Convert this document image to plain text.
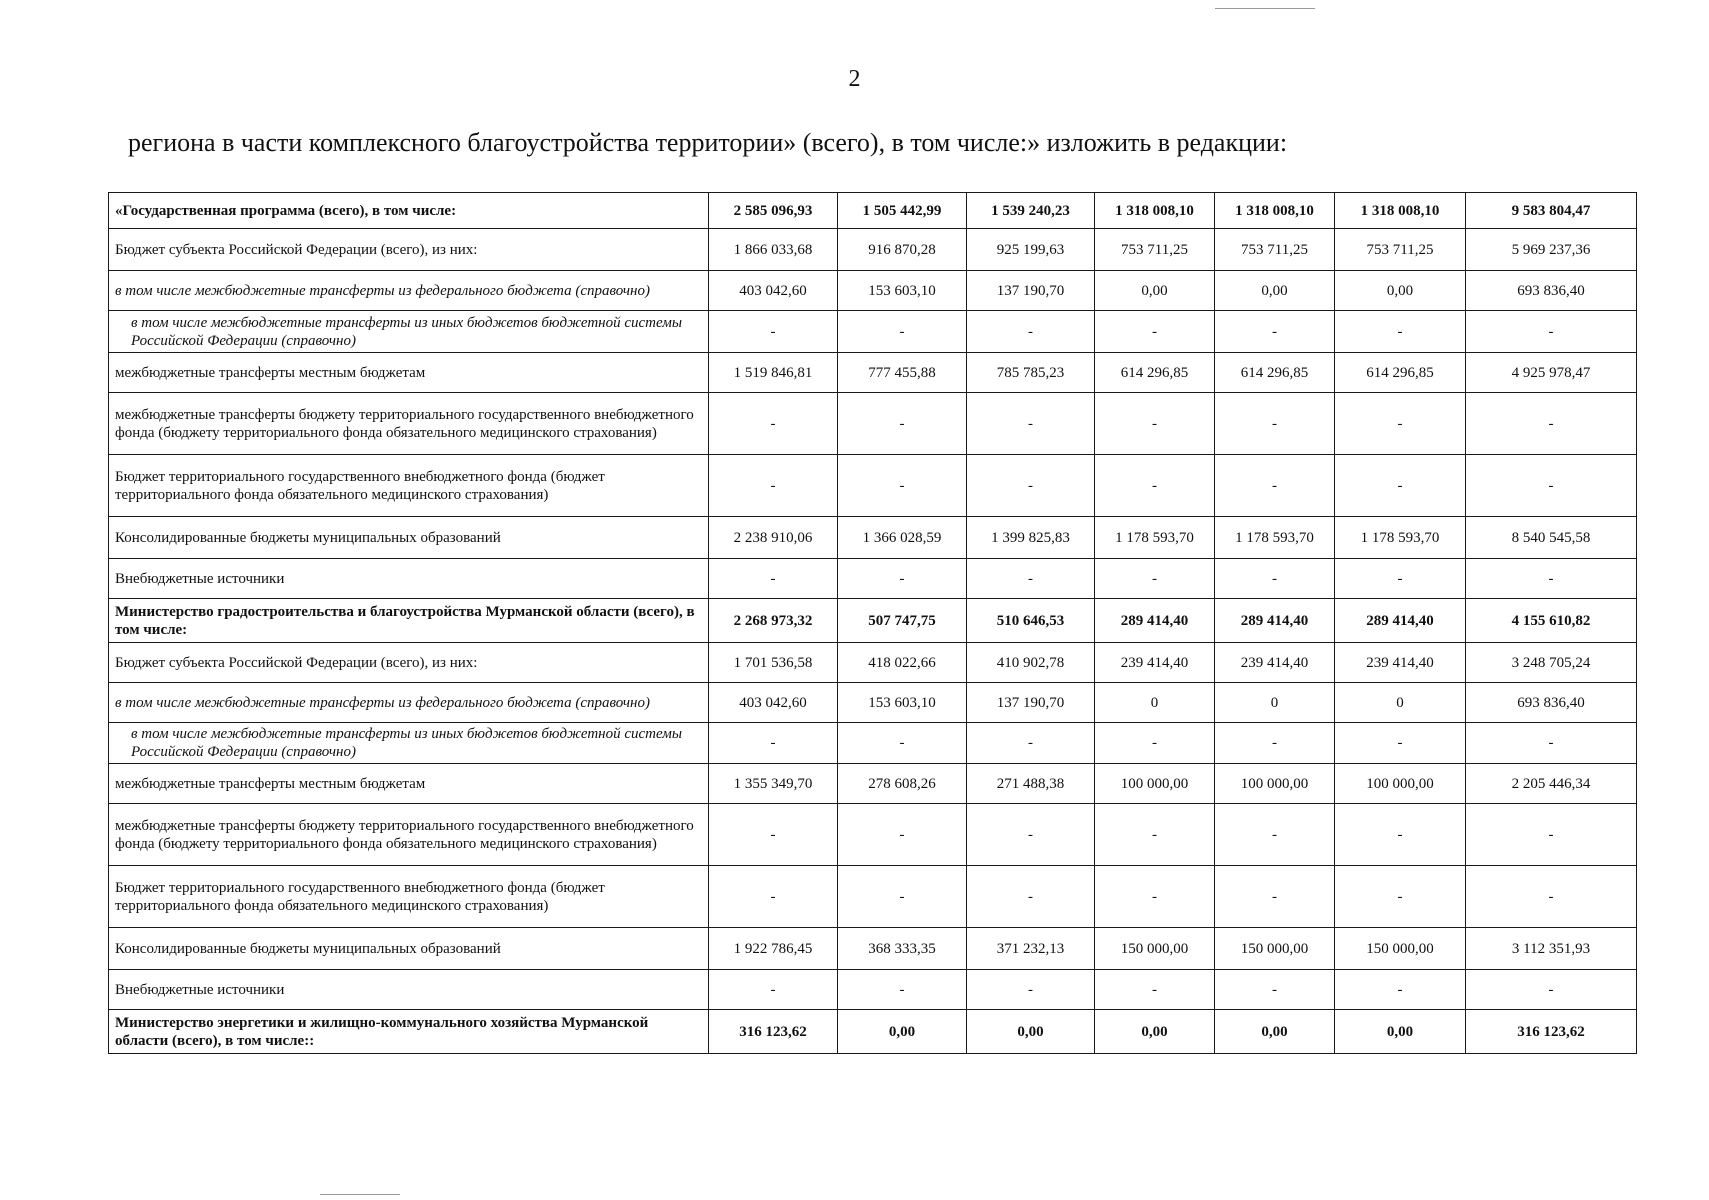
2
региона в части комплексного благоустройства территории» (всего), в том числе:» изложить в редакции:
«Государственная программа (всего), в том числе:	2 585 096,93	1 505 442,99	1 539 240,23	1 318 008,10	1 318 008,10	1 318 008,10	9 583 804,47
Бюджет субъекта Российской Федерации (всего), из них:	1 866 033,68	916 870,28	925 199,63	753 711,25	753 711,25	753 711,25	5 969 237,36
в том числе межбюджетные трансферты из федерального бюджета (справочно)	403 042,60	153 603,10	137 190,70	0,00	0,00	0,00	693 836,40
в том числе межбюджетные трансферты из иных бюджетов бюджетной системы Российской Федерации (справочно)	-	-	-	-	-	-	-
межбюджетные трансферты местным бюджетам	1 519 846,81	777 455,88	785 785,23	614 296,85	614 296,85	614 296,85	4 925 978,47
межбюджетные трансферты бюджету территориального государственного внебюджетного фонда (бюджету территориального фонда обязательного медицинского страхования)	-	-	-	-	-	-	-
Бюджет территориального государственного внебюджетного фонда (бюджет территориального фонда обязательного медицинского страхования)	-	-	-	-	-	-	-
Консолидированные бюджеты муниципальных образований	2 238 910,06	1 366 028,59	1 399 825,83	1 178 593,70	1 178 593,70	1 178 593,70	8 540 545,58
Внебюджетные источники	-	-	-	-	-	-	-
Министерство градостроительства и благоустройства Мурманской области (всего), в том числе:	2 268 973,32	507 747,75	510 646,53	289 414,40	289 414,40	289 414,40	4 155 610,82
Бюджет субъекта Российской Федерации (всего), из них:	1 701 536,58	418 022,66	410 902,78	239 414,40	239 414,40	239 414,40	3 248 705,24
в том числе межбюджетные трансферты из федерального бюджета (справочно)	403 042,60	153 603,10	137 190,70	0	0	0	693 836,40
в том числе межбюджетные трансферты из иных бюджетов бюджетной системы Российской Федерации (справочно)	-	-	-	-	-	-	-
межбюджетные трансферты местным бюджетам	1 355 349,70	278 608,26	271 488,38	100 000,00	100 000,00	100 000,00	2 205 446,34
межбюджетные трансферты бюджету территориального государственного внебюджетного фонда (бюджету территориального фонда обязательного медицинского страхования)	-	-	-	-	-	-	-
Бюджет территориального государственного внебюджетного фонда (бюджет территориального фонда обязательного медицинского страхования)	-	-	-	-	-	-	-
Консолидированные бюджеты муниципальных образований	1 922 786,45	368 333,35	371 232,13	150 000,00	150 000,00	150 000,00	3 112 351,93
Внебюджетные источники	-	-	-	-	-	-	-
Министерство энергетики и жилищно-коммунального хозяйства Мурманской области (всего), в том числе::	316 123,62	0,00	0,00	0,00	0,00	0,00	316 123,62
